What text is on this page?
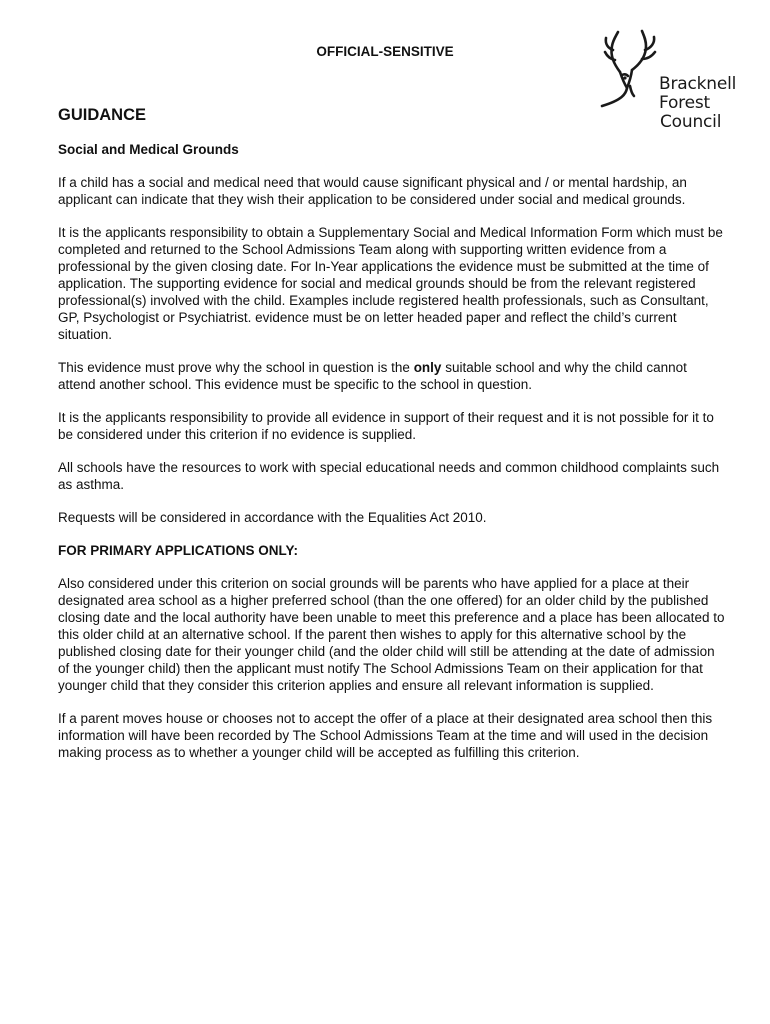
OFFICIAL-SENSITIVE
Bracknell
Forest
Council
GUIDANCE
Social and Medical Grounds

If a child has a social and medical need that would cause significant physical and / or mental hardship, an applicant can indicate that they wish their application to be considered under social and medical grounds.

It is the applicants responsibility to obtain a Supplementary Social and Medical Information Form which must be completed and returned to the School Admissions Team along with supporting written evidence from a professional by the given closing date. For In-Year applications the evidence must be submitted at the time of application. The supporting evidence for social and medical grounds should be from the relevant registered professional(s) involved with the child. Examples include registered health professionals, such as Consultant, GP, Psychologist or Psychiatrist. evidence must be on letter headed paper and reflect the child’s current situation.

This evidence must prove why the school in question is the only suitable school and why the child cannot attend another school. This evidence must be specific to the school in question.

It is the applicants responsibility to provide all evidence in support of their request and it is not possible for it to be considered under this criterion if no evidence is supplied.

All schools have the resources to work with special educational needs and common childhood complaints such as asthma.

Requests will be considered in accordance with the Equalities Act 2010.

FOR PRIMARY APPLICATIONS ONLY:

Also considered under this criterion on social grounds will be parents who have applied for a place at their designated area school as a higher preferred school (than the one offered) for an older child by the published closing date and the local authority have been unable to meet this preference and a place has been allocated to this older child at an alternative school. If the parent then wishes to apply for this alternative school by the published closing date for their younger child (and the older child will still be attending at the date of admission of the younger child) then the applicant must notify The School Admissions Team on their application for that younger child that they consider this criterion applies and ensure all relevant information is supplied.

If a parent moves house or chooses not to accept the offer of a place at their designated area school then this information will have been recorded by The School Admissions Team at the time and will used in the decision making process as to whether a younger child will be accepted as fulfilling this criterion.
